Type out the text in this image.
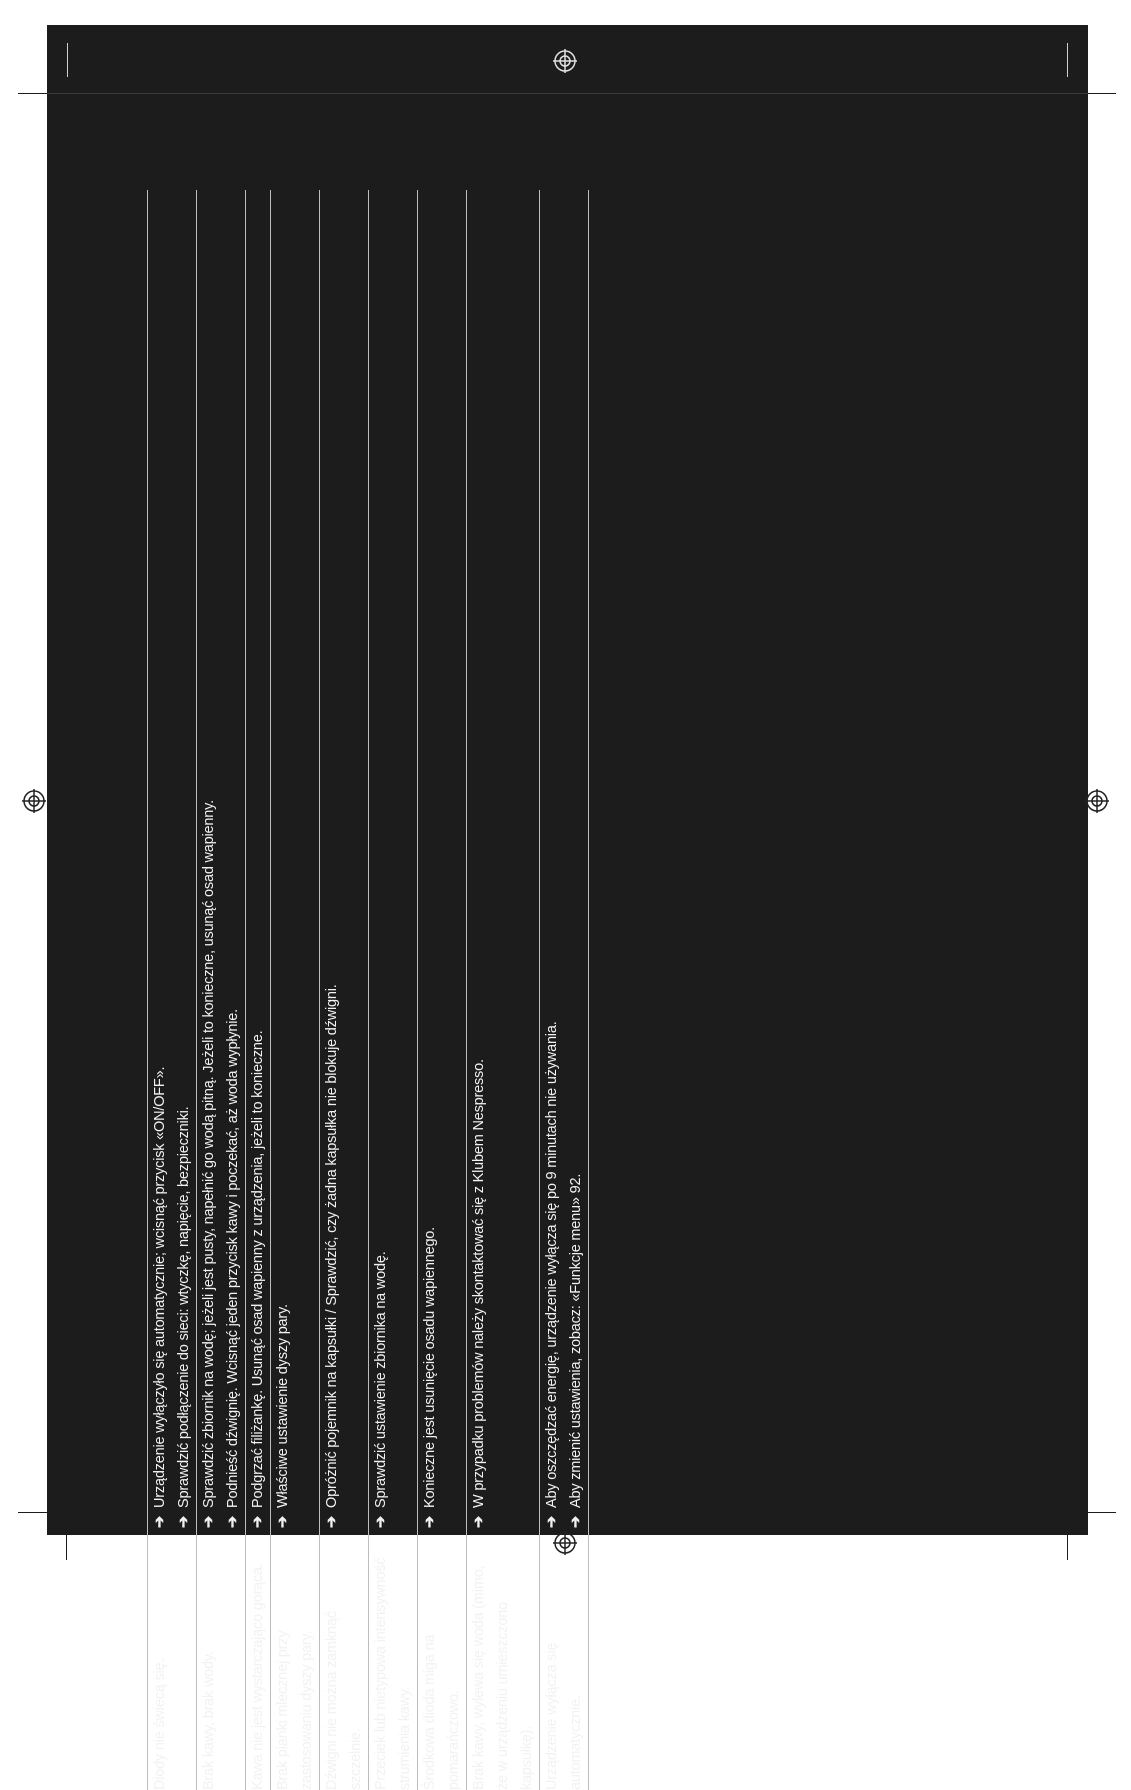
Diody nie świecą się.
➔Urządzenie wyłączyło się automatycznie; wcisnąć przycisk «ON/OFF».
➔Sprawdzić podłączenie do sieci: wtyczkę, napięcie, bezpieczniki.
Brak kawy, brak wody.
➔Sprawdzić zbiornik na wodę; jeżeli jest pusty, napełnić go wodą pitną. Jeżeli to konieczne, usunąć osad wapienny.
➔Podnieść dźwignię. Wcisnąć jeden przycisk kawy i poczekać, aż woda wypłynie.
Kawa nie jest wystarczająco gorąca.
➔Podgrzać filiżankę. Usunąć osad wapienny z urządzenia, jeżeli to konieczne.
Brak pianki mlecznej przy zastosowaniu dyszy pary.
➔Właściwe ustawienie dyszy pary.
Dźwigni nie można zamknąć szczelnie.
➔Opróżnić pojemnik na kapsułki / Sprawdzić, czy żadna kapsułka nie blokuje dźwigni.
Przeciek lub nietypowa intensywność strumienia kawy.
➔Sprawdzić ustawienie zbiornika na wodę.
Środkowa dioda miga na pomarańczowo.
➔Konieczne jest usunięcie osadu wapiennego.
Brak kawy, wylewa się woda (mimo, że w urządzeniu umieszczono kapsułkę).
➔W przypadku problemów należy skontaktować się z Klubem Nespresso.
Urządzenie wyłącza się automatycznie.
➔Aby oszczędzać energię, urządzenie wyłącza się po 9 minutach nie używania.
➔Aby zmienić ustawienia, zobacz: «Funkcje menu» 92.
